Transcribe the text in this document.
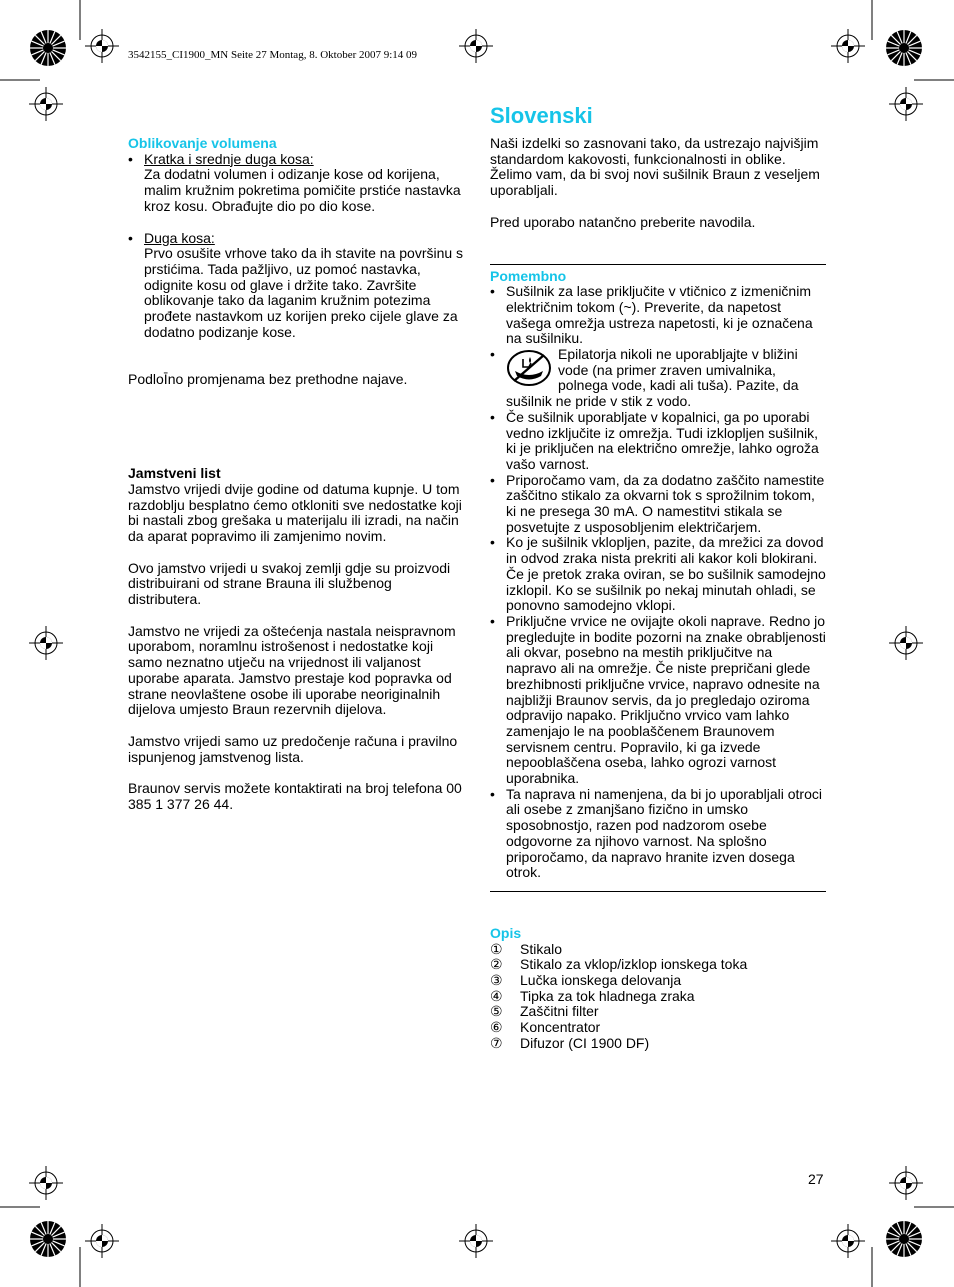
3542155_CI1900_MN Seite 27 Montag, 8. Oktober 2007 9:14 09

Oblikovanje volumena

• Kratka i srednje duga kosa:

Za dodatni volumen i odizanje kose od korijena, malim kružnim pokretima pomičite prstiće nastavka kroz kosu. Obrađujte dio po dio kose.

• Duga kosa:

Prvo osušite vrhove tako da ih stavite na površinu s prstićima. Tada pažljivo, uz pomoć nastavka, odignite kosu od glave i držite tako. Završite oblikovanje tako da laganim kružnim potezima prođete nastavkom uz korijen preko cijele glave za dodatno podizanje kose.

PodloĪno promjenama bez prethodne najave.

Jamstveni list

Jamstvo vrijedi dvije godine od datuma kupnje. U tom razdoblju besplatno ćemo otkloniti sve nedostatke koji bi nastali zbog grešaka u materijalu ili izradi, na način da aparat popravimo ili zamjenimo novim.

Ovo jamstvo vrijedi u svakoj zemlji gdje su proizvodi distribuirani od strane Brauna ili službenog distributera.

Jamstvo ne vrijedi za oštećenja nastala neispravnom uporabom, noramlnu istrošenost i nedostatke koji samo neznatno utječu na vrijednost ili valjanost uporabe aparata. Jamstvo prestaje kod popravka od strane neovlaštene osobe ili uporabe neoriginalnih dijelova umjesto Braun rezervnih dijelova.

Jamstvo vrijedi samo uz predočenje računa i pravilno ispunjenog jamstvenog lista.

Braunov servis možete kontaktirati na broj telefona 00 385 1 377 26 44.

Slovenski

Naši izdelki so zasnovani tako, da ustrezajo najvišjim standardom kakovosti, funkcionalnosti in oblike. Želimo vam, da bi svoj novi sušilnik Braun z veseljem uporabljali.

Pred uporabo natančno preberite navodila.

Pomembno

• Sušilnik za lase priključite v vtičnico z izmeničnim električnim tokom (~). Preverite, da napetost vašega omrežja ustreza napetosti, ki je označena na sušilniku.

•	Epilatorja nikoli ne uporabljajte v bližini vode (na primer zraven umivalnika, polnega vode, kadi ali tuša). Pazite, da sušilnik ne pride v stik z vodo.

• Če sušilnik uporabljate v kopalnici, ga po uporabi vedno izključite iz omrežja. Tudi izklopljen sušilnik, ki je priključen na električno omrežje, lahko ogroža vašo varnost.

• Priporočamo vam, da za dodatno zaščito namestite zaščitno stikalo za okvarni tok s sprožilnim tokom, ki ne presega 30 mA. O namestitvi stikala se posvetujte z usposobljenim električarjem.

• Ko je sušilnik vklopljen, pazite, da mrežici za dovod in odvod zraka nista prekriti ali kakor koli blokirani. Če je pretok zraka oviran, se bo sušilnik samodejno izklopil. Ko se sušilnik po nekaj minutah ohladi, se ponovno samodejno vklopi.

• Priključne vrvice ne ovijajte okoli naprave. Redno jo pregledujte in bodite pozorni na znake obrabljenosti ali okvar, posebno na mestih priključitve na napravo ali na omrežje. Če niste prepričani glede brezhibnosti priključne vrvice, napravo odnesite na najbližji Braunov servis, da jo pregledajo oziroma odpravijo napako. Priključno vrvico vam lahko zamenjajo le na pooblaščenem Braunovem servisnem centru. Popravilo, ki ga izvede nepooblaščena oseba, lahko ogrozi varnost uporabnika.

• Ta naprava ni namenjena, da bi jo uporabljali otroci ali osebe z zmanjšano fizično in umsko sposobnostjo, razen pod nadzorom osebe odgovorne za njihovo varnost. Na splošno priporočamo, da napravo hranite izven dosega otrok.

Opis

① Stikalo

② Stikalo za vklop/izklop ionskega toka

③ Lučka ionskega delovanja

④ Tipka za tok hladnega zraka

⑤ Zaščitni filter

⑥ Koncentrator

⑦ Difuzor (CI 1900 DF)

27
